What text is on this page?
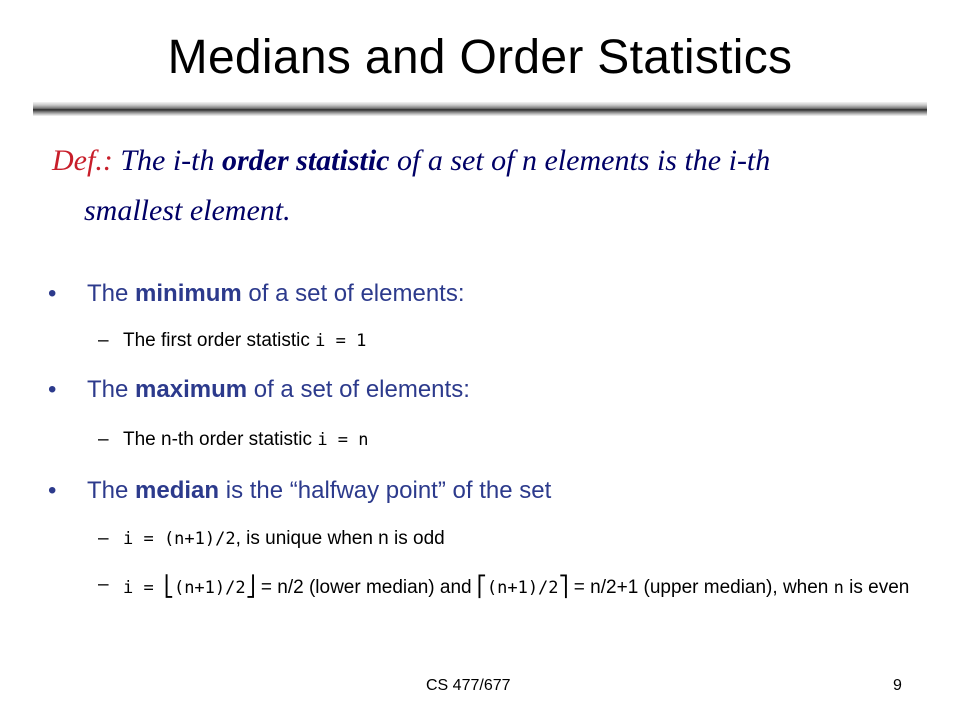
Medians and Order Statistics
Def.: The i-th order statistic of a set of n elements is the i-th
smallest element.
• The minimum of a set of elements:
– The first order statistic i = 1
• The maximum of a set of elements:
– The n-th order statistic i = n
• The median is the “halfway point” of the set
– i = (n+1)/2, is unique when n is odd
– i = ⎣(n+1)/2⎦ = n/2 (lower median) and ⎡(n+1)/2⎤ = n/2+1 (upper median), when n is even
CS 477/677	9
